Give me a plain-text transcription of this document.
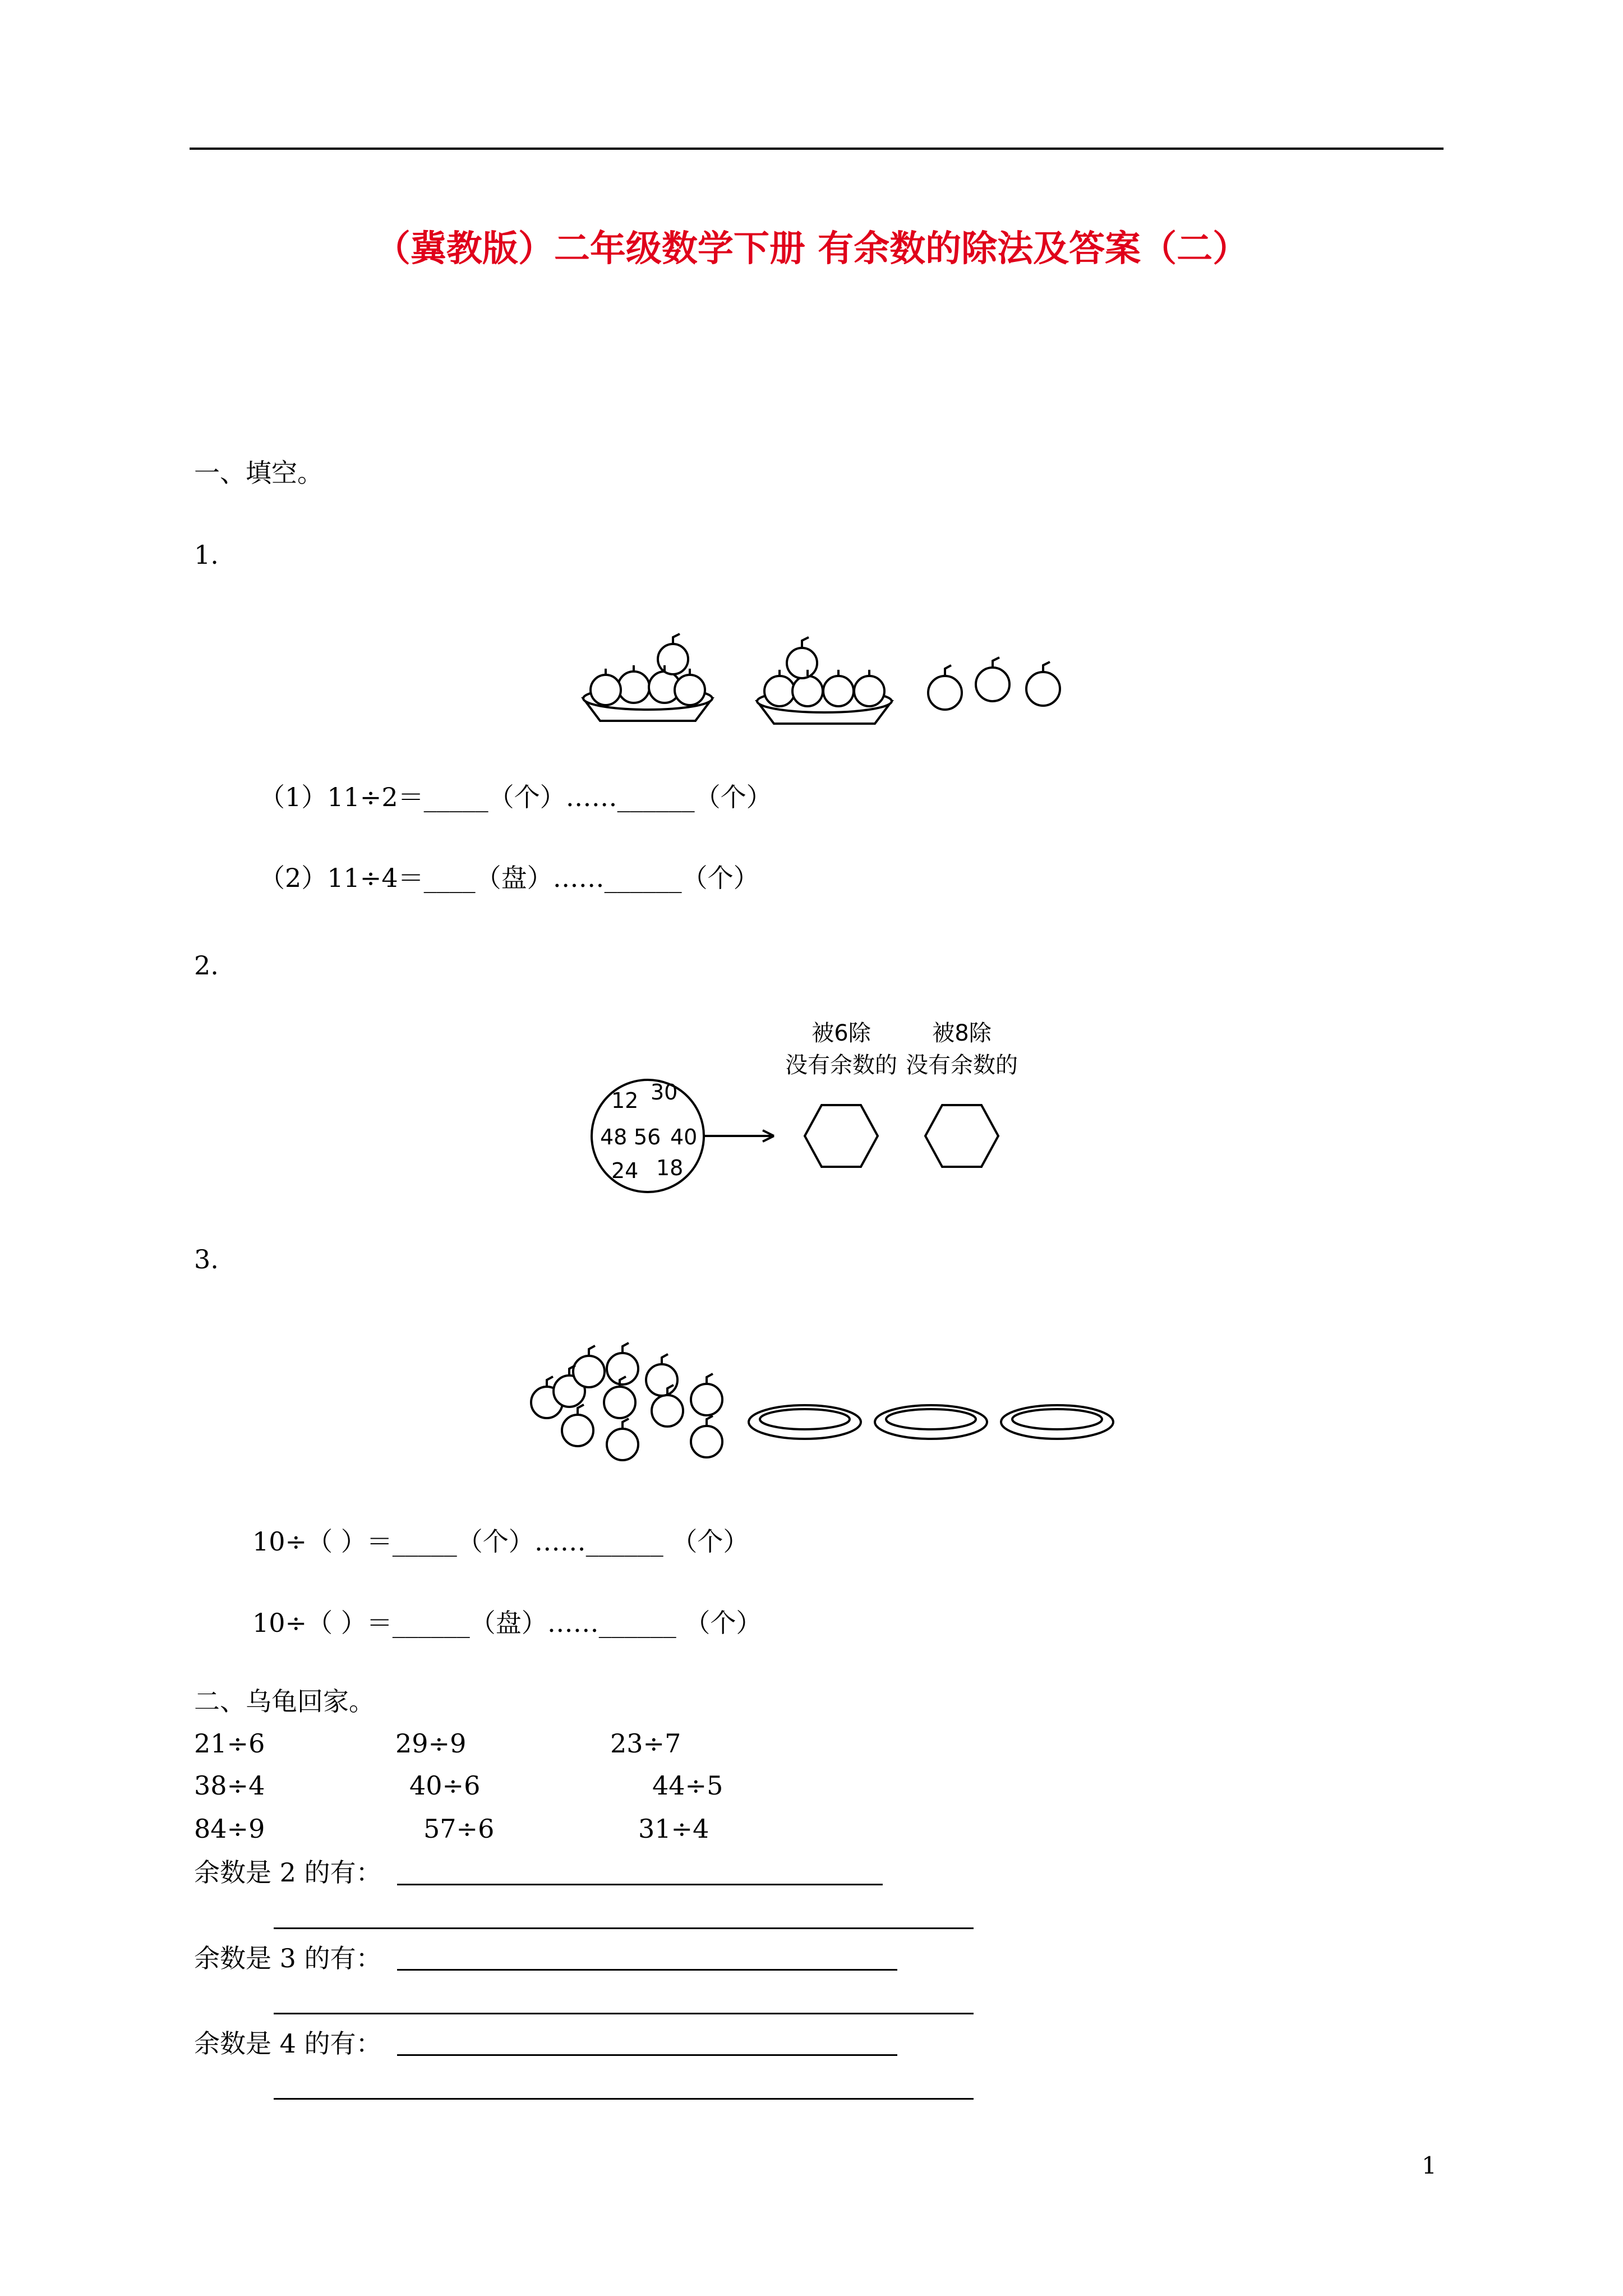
（冀教版）二年级数学下册 有余数的除法及答案（二）
一、填空。
1.
（1）11÷2＝_____（个）……______（个）
（2）11÷4＝____（盘）……______（个）
2.
12 30
48 56 40
24 18
被6除
没有余数的
被8除
没有余数的
3.
10÷（ ）＝_____（个）……______ （个）
10÷（ ）＝______（盘）……______ （个）
二、乌龟回家。
21÷6	29÷9	23÷7
38÷4	40÷6	44÷5
84÷9	57÷6	31÷4
余数是 2 的有：
余数是 3 的有：
余数是 4 的有：
1
